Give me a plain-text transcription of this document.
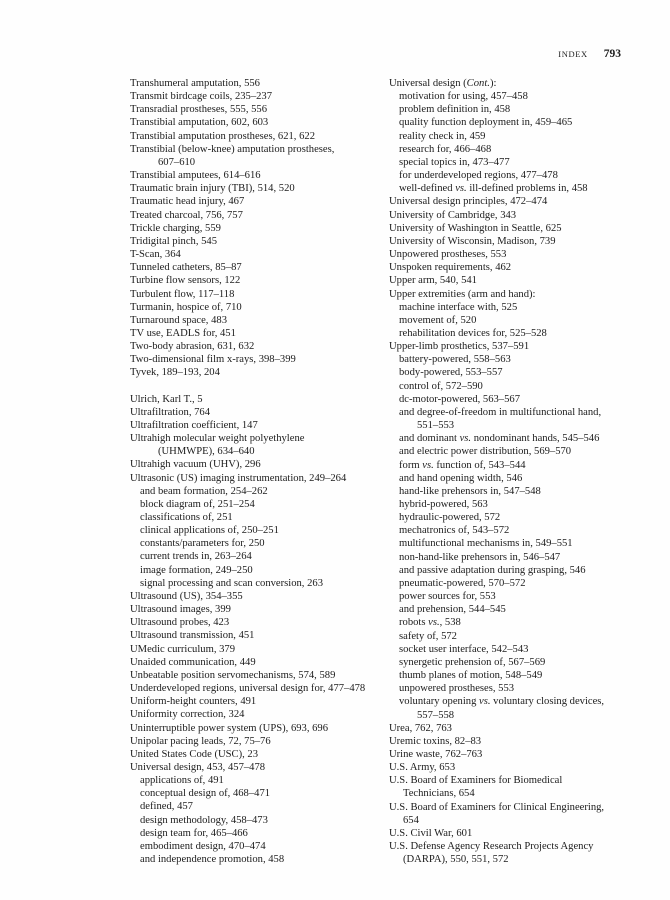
INDEX 793
Transhumeral amputation, 556
Transmit birdcage coils, 235–237
Transradial prostheses, 555, 556
Transtibial amputation, 602, 603
Transtibial amputation prostheses, 621, 622
Transtibial (below-knee) amputation prostheses,
607–610
Transtibial amputees, 614–616
Traumatic brain injury (TBI), 514, 520
Traumatic head injury, 467
Treated charcoal, 756, 757
Trickle charging, 559
Tridigital pinch, 545
T-Scan, 364
Tunneled catheters, 85–87
Turbine flow sensors, 122
Turbulent flow, 117–118
Turmanin, hospice of, 710
Turnaround space, 483
TV use, EADLS for, 451
Two-body abrasion, 631, 632
Two-dimensional film x-rays, 398–399
Tyvek, 189–193, 204
Ulrich, Karl T., 5
Ultrafiltration, 764
Ultrafiltration coefficient, 147
Ultrahigh molecular weight polyethylene
(UHMWPE), 634–640
Ultrahigh vacuum (UHV), 296
Ultrasonic (US) imaging instrumentation, 249–264
and beam formation, 254–262
block diagram of, 251–254
classifications of, 251
clinical applications of, 250–251
constants/parameters for, 250
current trends in, 263–264
image formation, 249–250
signal processing and scan conversion, 263
Ultrasound (US), 354–355
Ultrasound images, 399
Ultrasound probes, 423
Ultrasound transmission, 451
UMedic curriculum, 379
Unaided communication, 449
Unbeatable position servomechanisms, 574, 589
Underdeveloped regions, universal design for, 477–478
Uniform-height counters, 491
Uniformity correction, 324
Uninterruptible power system (UPS), 693, 696
Unipolar pacing leads, 72, 75–76
United States Code (USC), 23
Universal design, 453, 457–478
applications of, 491
conceptual design of, 468–471
defined, 457
design methodology, 458–473
design team for, 465–466
embodiment design, 470–474
and independence promotion, 458
Universal design (Cont.):
motivation for using, 457–458
problem definition in, 458
quality function deployment in, 459–465
reality check in, 459
research for, 466–468
special topics in, 473–477
for underdeveloped regions, 477–478
well-defined vs. ill-defined problems in, 458
Universal design principles, 472–474
University of Cambridge, 343
University of Washington in Seattle, 625
University of Wisconsin, Madison, 739
Unpowered prostheses, 553
Unspoken requirements, 462
Upper arm, 540, 541
Upper extremities (arm and hand):
machine interface with, 525
movement of, 520
rehabilitation devices for, 525–528
Upper-limb prosthetics, 537–591
battery-powered, 558–563
body-powered, 553–557
control of, 572–590
dc-motor-powered, 563–567
and degree-of-freedom in multifunctional hand,
551–553
and dominant vs. nondominant hands, 545–546
and electric power distribution, 569–570
form vs. function of, 543–544
and hand opening width, 546
hand-like prehensors in, 547–548
hybrid-powered, 563
hydraulic-powered, 572
mechatronics of, 543–572
multifunctional mechanisms in, 549–551
non-hand-like prehensors in, 546–547
and passive adaptation during grasping, 546
pneumatic-powered, 570–572
power sources for, 553
and prehension, 544–545
robots vs., 538
safety of, 572
socket user interface, 542–543
synergetic prehension of, 567–569
thumb planes of motion, 548–549
unpowered prostheses, 553
voluntary opening vs. voluntary closing devices,
557–558
Urea, 762, 763
Uremic toxins, 82–83
Urine waste, 762–763
U.S. Army, 653
U.S. Board of Examiners for Biomedical
Technicians, 654
U.S. Board of Examiners for Clinical Engineering,
654
U.S. Civil War, 601
U.S. Defense Agency Research Projects Agency
(DARPA), 550, 551, 572
